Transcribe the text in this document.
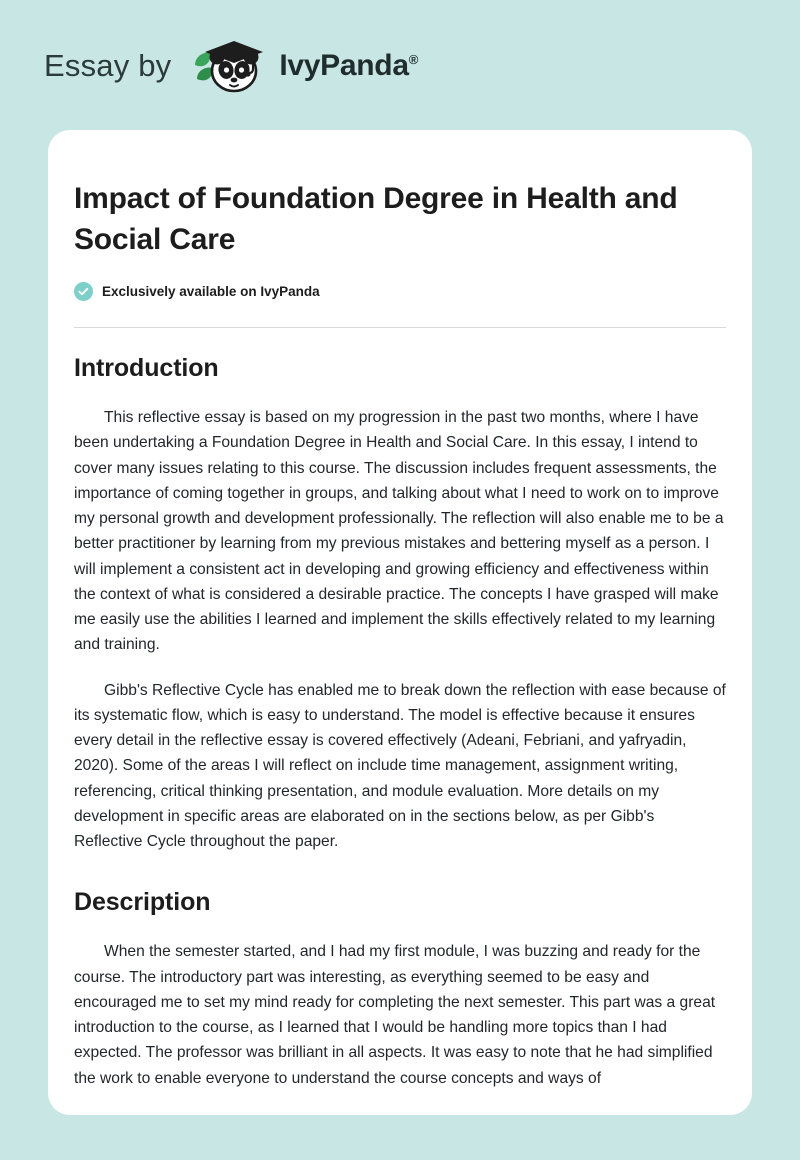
Essay by	IvyPanda®
Impact of Foundation Degree in Health and Social Care
Exclusively available on IvyPanda
Introduction

This reflective essay is based on my progression in the past two months, where I have been undertaking a Foundation Degree in Health and Social Care. In this essay, I intend to cover many issues relating to this course. The discussion includes frequent assessments, the importance of coming together in groups, and talking about what I need to work on to improve my personal growth and development professionally. The reflection will also enable me to be a better practitioner by learning from my previous mistakes and bettering myself as a person. I will implement a consistent act in developing and growing efficiency and effectiveness within the context of what is considered a desirable practice. The concepts I have grasped will make me easily use the abilities I learned and implement the skills effectively related to my learning and training.

Gibb's Reflective Cycle has enabled me to break down the reflection with ease because of its systematic flow, which is easy to understand. The model is effective because it ensures every detail in the reflective essay is covered effectively (Adeani, Febriani, and yafryadin, 2020). Some of the areas I will reflect on include time management, assignment writing, referencing, critical thinking presentation, and module evaluation. More details on my development in specific areas are elaborated on in the sections below, as per Gibb's Reflective Cycle throughout the paper.

Description

When the semester started, and I had my first module, I was buzzing and ready for the course. The introductory part was interesting, as everything seemed to be easy and encouraged me to set my mind ready for completing the next semester. This part was a great introduction to the course, as I learned that I would be handling more topics than I had expected. The professor was brilliant in all aspects. It was easy to note that he had simplified the work to enable everyone to understand the course concepts and ways of
